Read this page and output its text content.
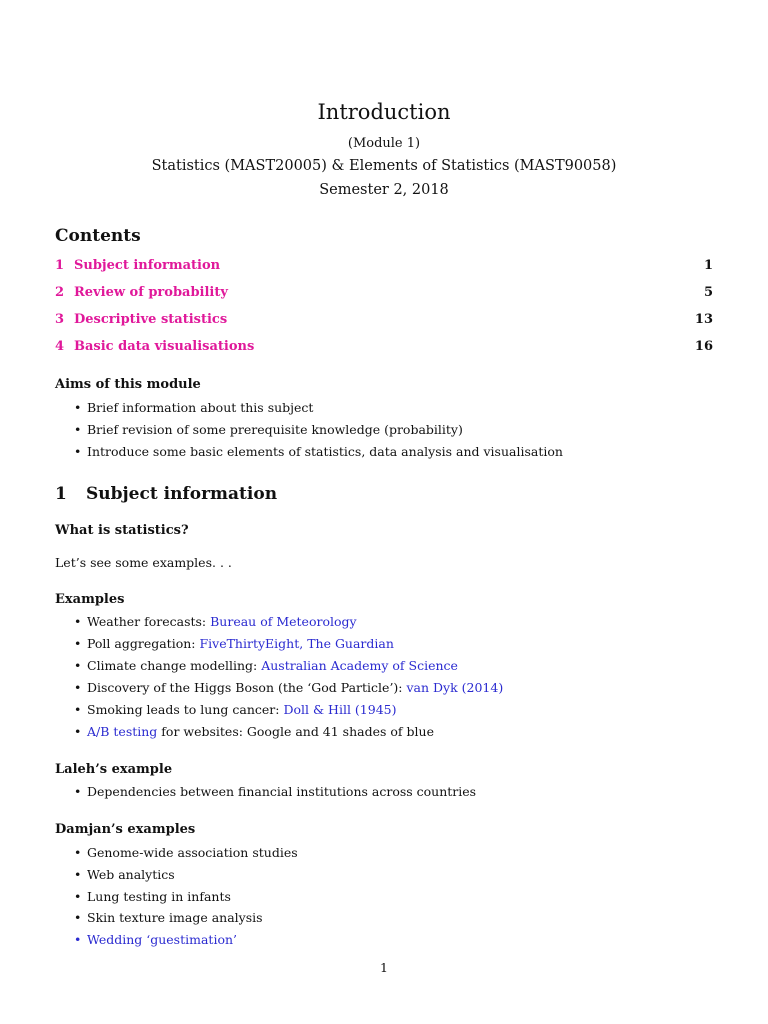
Introduction
(Module 1)
Statistics (MAST20005) & Elements of Statistics (MAST90058)
Semester 2, 2018
Contents
1 Subject information	1
2 Review of probability	5
3 Descriptive statistics	13
4 Basic data visualisations	16
Aims of this module
• Brief information about this subject
• Brief revision of some prerequisite knowledge (probability)
• Introduce some basic elements of statistics, data analysis and visualisation
1 Subject information
What is statistics?
Let’s see some examples. . .
Examples
• Weather forecasts: Bureau of Meteorology
• Poll aggregation: FiveThirtyEight, The Guardian
• Climate change modelling: Australian Academy of Science
• Discovery of the Higgs Boson (the ‘God Particle’): van Dyk (2014)
• Smoking leads to lung cancer: Doll & Hill (1945)
• A/B testing for websites: Google and 41 shades of blue
Laleh’s example
• Dependencies between financial institutions across countries
Damjan’s examples
• Genome-wide association studies
• Web analytics
• Lung testing in infants
• Skin texture image analysis
• Wedding ‘guestimation’
1
